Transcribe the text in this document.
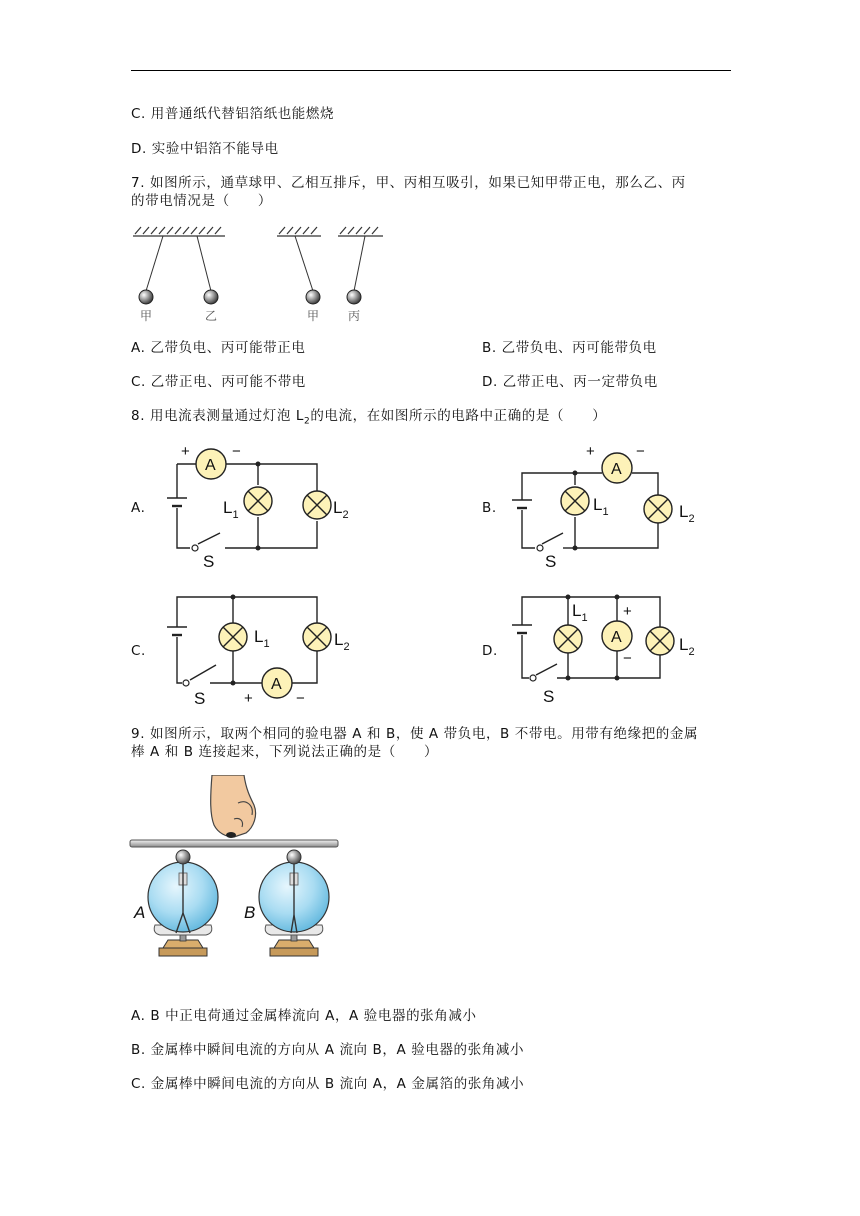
C. 用普通纸代替铝箔纸也能燃烧
D. 实验中铝箔不能导电
7. 如图所示，通草球甲、乙相互排斥，甲、丙相互吸引，如果已知甲带正电，那么乙、丙
的带电情况是（　　）
甲	乙	甲 丙
A. 乙带负电、丙可能带正电	B. 乙带负电、丙可能带负电
C. 乙带正电、丙可能不带电	D. 乙带正电、丙一定带负电
8. 用电流表测量通过灯泡 $L_2$的电流，在如图所示的电路中正确的是（　　）
A.	B.
C.	D.
A
+	−
$L_1$	$L_2$
S
A
+	−
$L_1$	$L_2$
S
A
+	−
$L_1$	$L_2$
S
A
+
−
$L_1$
$L_2$
S
9. 如图所示，取两个相同的验电器 A 和 B，使 A 带负电，B 不带电。用带有绝缘把的金属
棒 A 和 B 连接起来，下列说法正确的是（　　）
A	B
A. B 中正电荷通过金属棒流向 A，A 验电器的张角减小
B. 金属棒中瞬间电流的方向从 A 流向 B，A 验电器的张角减小
C. 金属棒中瞬间电流的方向从 B 流向 A，A 金属箔的张角减小
